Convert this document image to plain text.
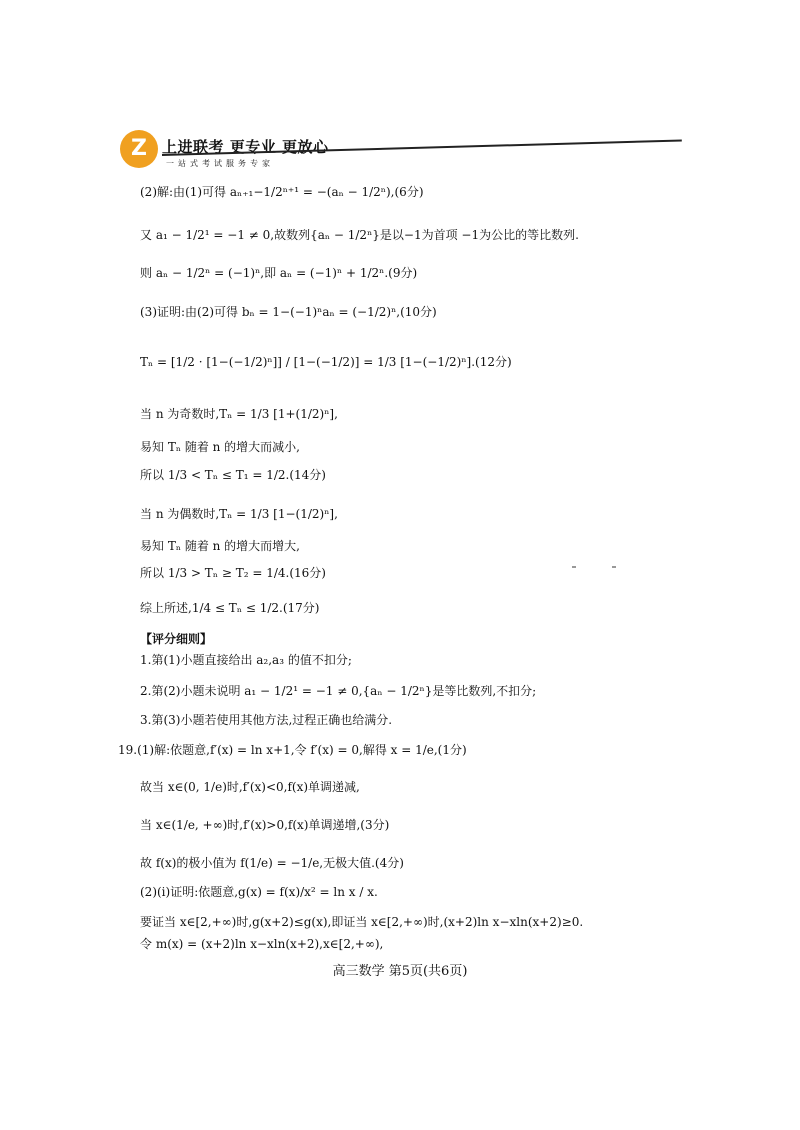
Z	上进联考 更专业 更放心
一站式考试服务专家
(2)解:由(1)可得 aₙ₊₁−1/2ⁿ⁺¹ = −(aₙ − 1/2ⁿ),(6分)
又 a₁ − 1/2¹ = −1 ≠ 0,故数列{aₙ − 1/2ⁿ}是以−1为首项 −1为公比的等比数列.
则 aₙ − 1/2ⁿ = (−1)ⁿ,即 aₙ = (−1)ⁿ + 1/2ⁿ.(9分)
(3)证明:由(2)可得 bₙ = 1−(−1)ⁿaₙ = (−1/2)ⁿ,(10分)
Tₙ = [1/2 · [1−(−1/2)ⁿ]] / [1−(−1/2)] = 1/3 [1−(−1/2)ⁿ].(12分)
当 n 为奇数时,Tₙ = 1/3 [1+(1/2)ⁿ],
易知 Tₙ 随着 n 的增大而减小,
所以 1/3 < Tₙ ≤ T₁ = 1/2.(14分)
当 n 为偶数时,Tₙ = 1/3 [1−(1/2)ⁿ],
易知 Tₙ 随着 n 的增大而增大,
所以 1/3 > Tₙ ≥ T₂ = 1/4.(16分)
综上所述,1/4 ≤ Tₙ ≤ 1/2.(17分)
【评分细则】
1.第(1)小题直接给出 a₂,a₃ 的值不扣分;
2.第(2)小题未说明 a₁ − 1/2¹ = −1 ≠ 0,{aₙ − 1/2ⁿ}是等比数列,不扣分;
3.第(3)小题若使用其他方法,过程正确也给满分.
19.(1)解:依题意,f′(x) = ln x+1,令 f′(x) = 0,解得 x = 1/e,(1分)
故当 x∈(0, 1/e)时,f′(x)<0,f(x)单调递减,
当 x∈(1/e, +∞)时,f′(x)>0,f(x)单调递增,(3分)
故 f(x)的极小值为 f(1/e) = −1/e,无极大值.(4分)
(2)(i)证明:依题意,g(x) = f(x)/x² = ln x / x.
要证当 x∈[2,+∞)时,g(x+2)≤g(x),即证当 x∈[2,+∞)时,(x+2)ln x−xln(x+2)≥0.
令 m(x) = (x+2)ln x−xln(x+2),x∈[2,+∞),
高三数学 第5页(共6页)
